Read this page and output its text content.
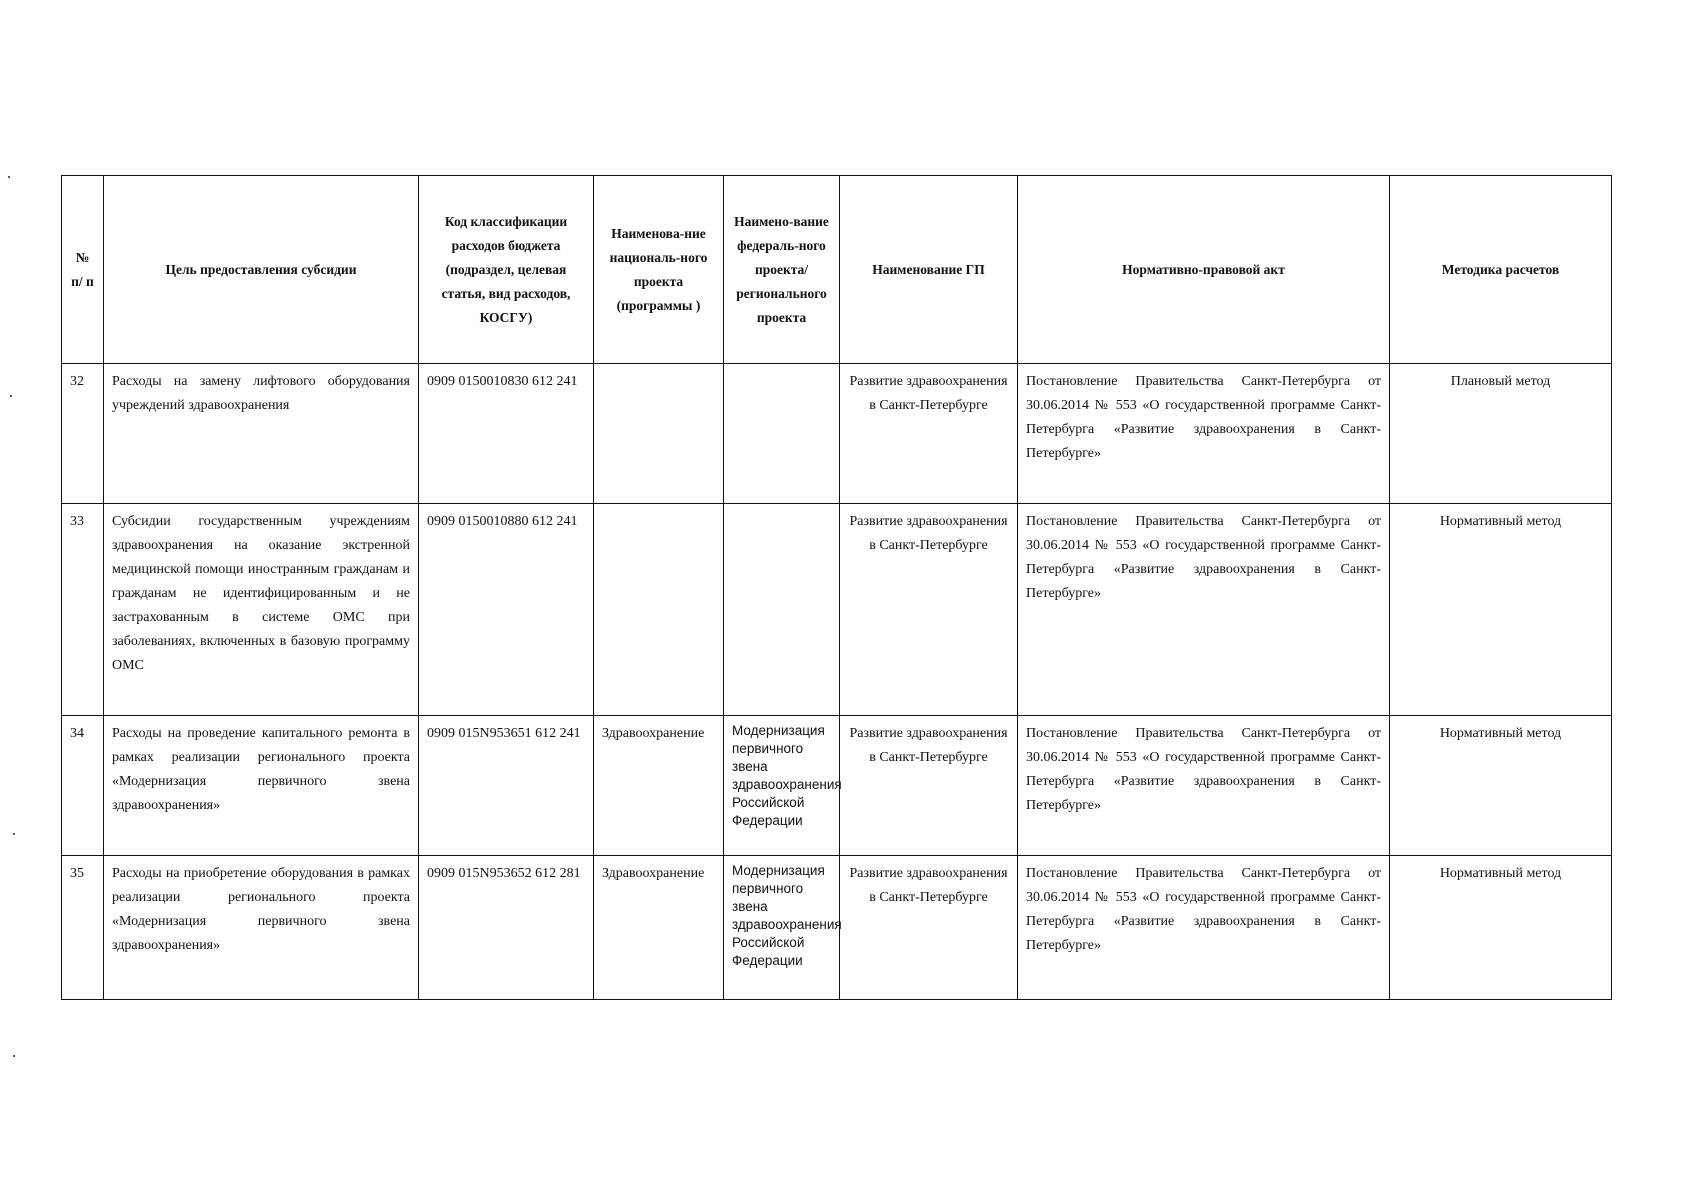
№ п/ п	Цель предоставления субсидии	Код классификации расходов бюджета (подраздел, целевая статья, вид расходов, КОСГУ)	Наименова-ние националь-ного проекта (программы )	Наимено-вание федераль-ного проекта/ регионального проекта	Наименование ГП	Нормативно-правовой акт	Методика расчетов
32	Расходы на замену лифтового оборудования учреждений здравоохранения	0909 0150010830 612 241			Развитие здравоохранения в Санкт-Петербурге	Постановление Правительства Санкт-Петербурга от 30.06.2014 № 553 «О государственной программе Санкт-Петербурга «Развитие здравоохранения в Санкт-Петербурге»	Плановый метод
33	Субсидии государственным учреждениям здравоохранения на оказание экстренной медицинской помощи иностранным гражданам и гражданам не идентифицированным и не застрахованным в системе ОМС при заболеваниях, включенных в базовую программу ОМС	0909 0150010880 612 241			Развитие здравоохранения в Санкт-Петербурге	Постановление Правительства Санкт-Петербурга от 30.06.2014 № 553 «О государственной программе Санкт-Петербурга «Развитие здравоохранения в Санкт-Петербурге»	Нормативный метод
34	Расходы на проведение капитального ремонта в рамках реализации регионального проекта «Модернизация первичного звена здравоохранения»	0909 015N953651 612 241	Здравоохранение	Модернизация первичного звена здравоохранения Российской Федерации	Развитие здравоохранения в Санкт-Петербурге	Постановление Правительства Санкт-Петербурга от 30.06.2014 № 553 «О государственной программе Санкт-Петербурга «Развитие здравоохранения в Санкт-Петербурге»	Нормативный метод
35	Расходы на приобретение оборудования в рамках реализации регионального проекта «Модернизация первичного звена здравоохранения»	0909 015N953652 612 281	Здравоохранение	Модернизация первичного звена здравоохранения Российской Федерации	Развитие здравоохранения в Санкт-Петербурге	Постановление Правительства Санкт-Петербурга от 30.06.2014 № 553 «О государственной программе Санкт-Петербурга «Развитие здравоохранения в Санкт-Петербурге»	Нормативный метод
